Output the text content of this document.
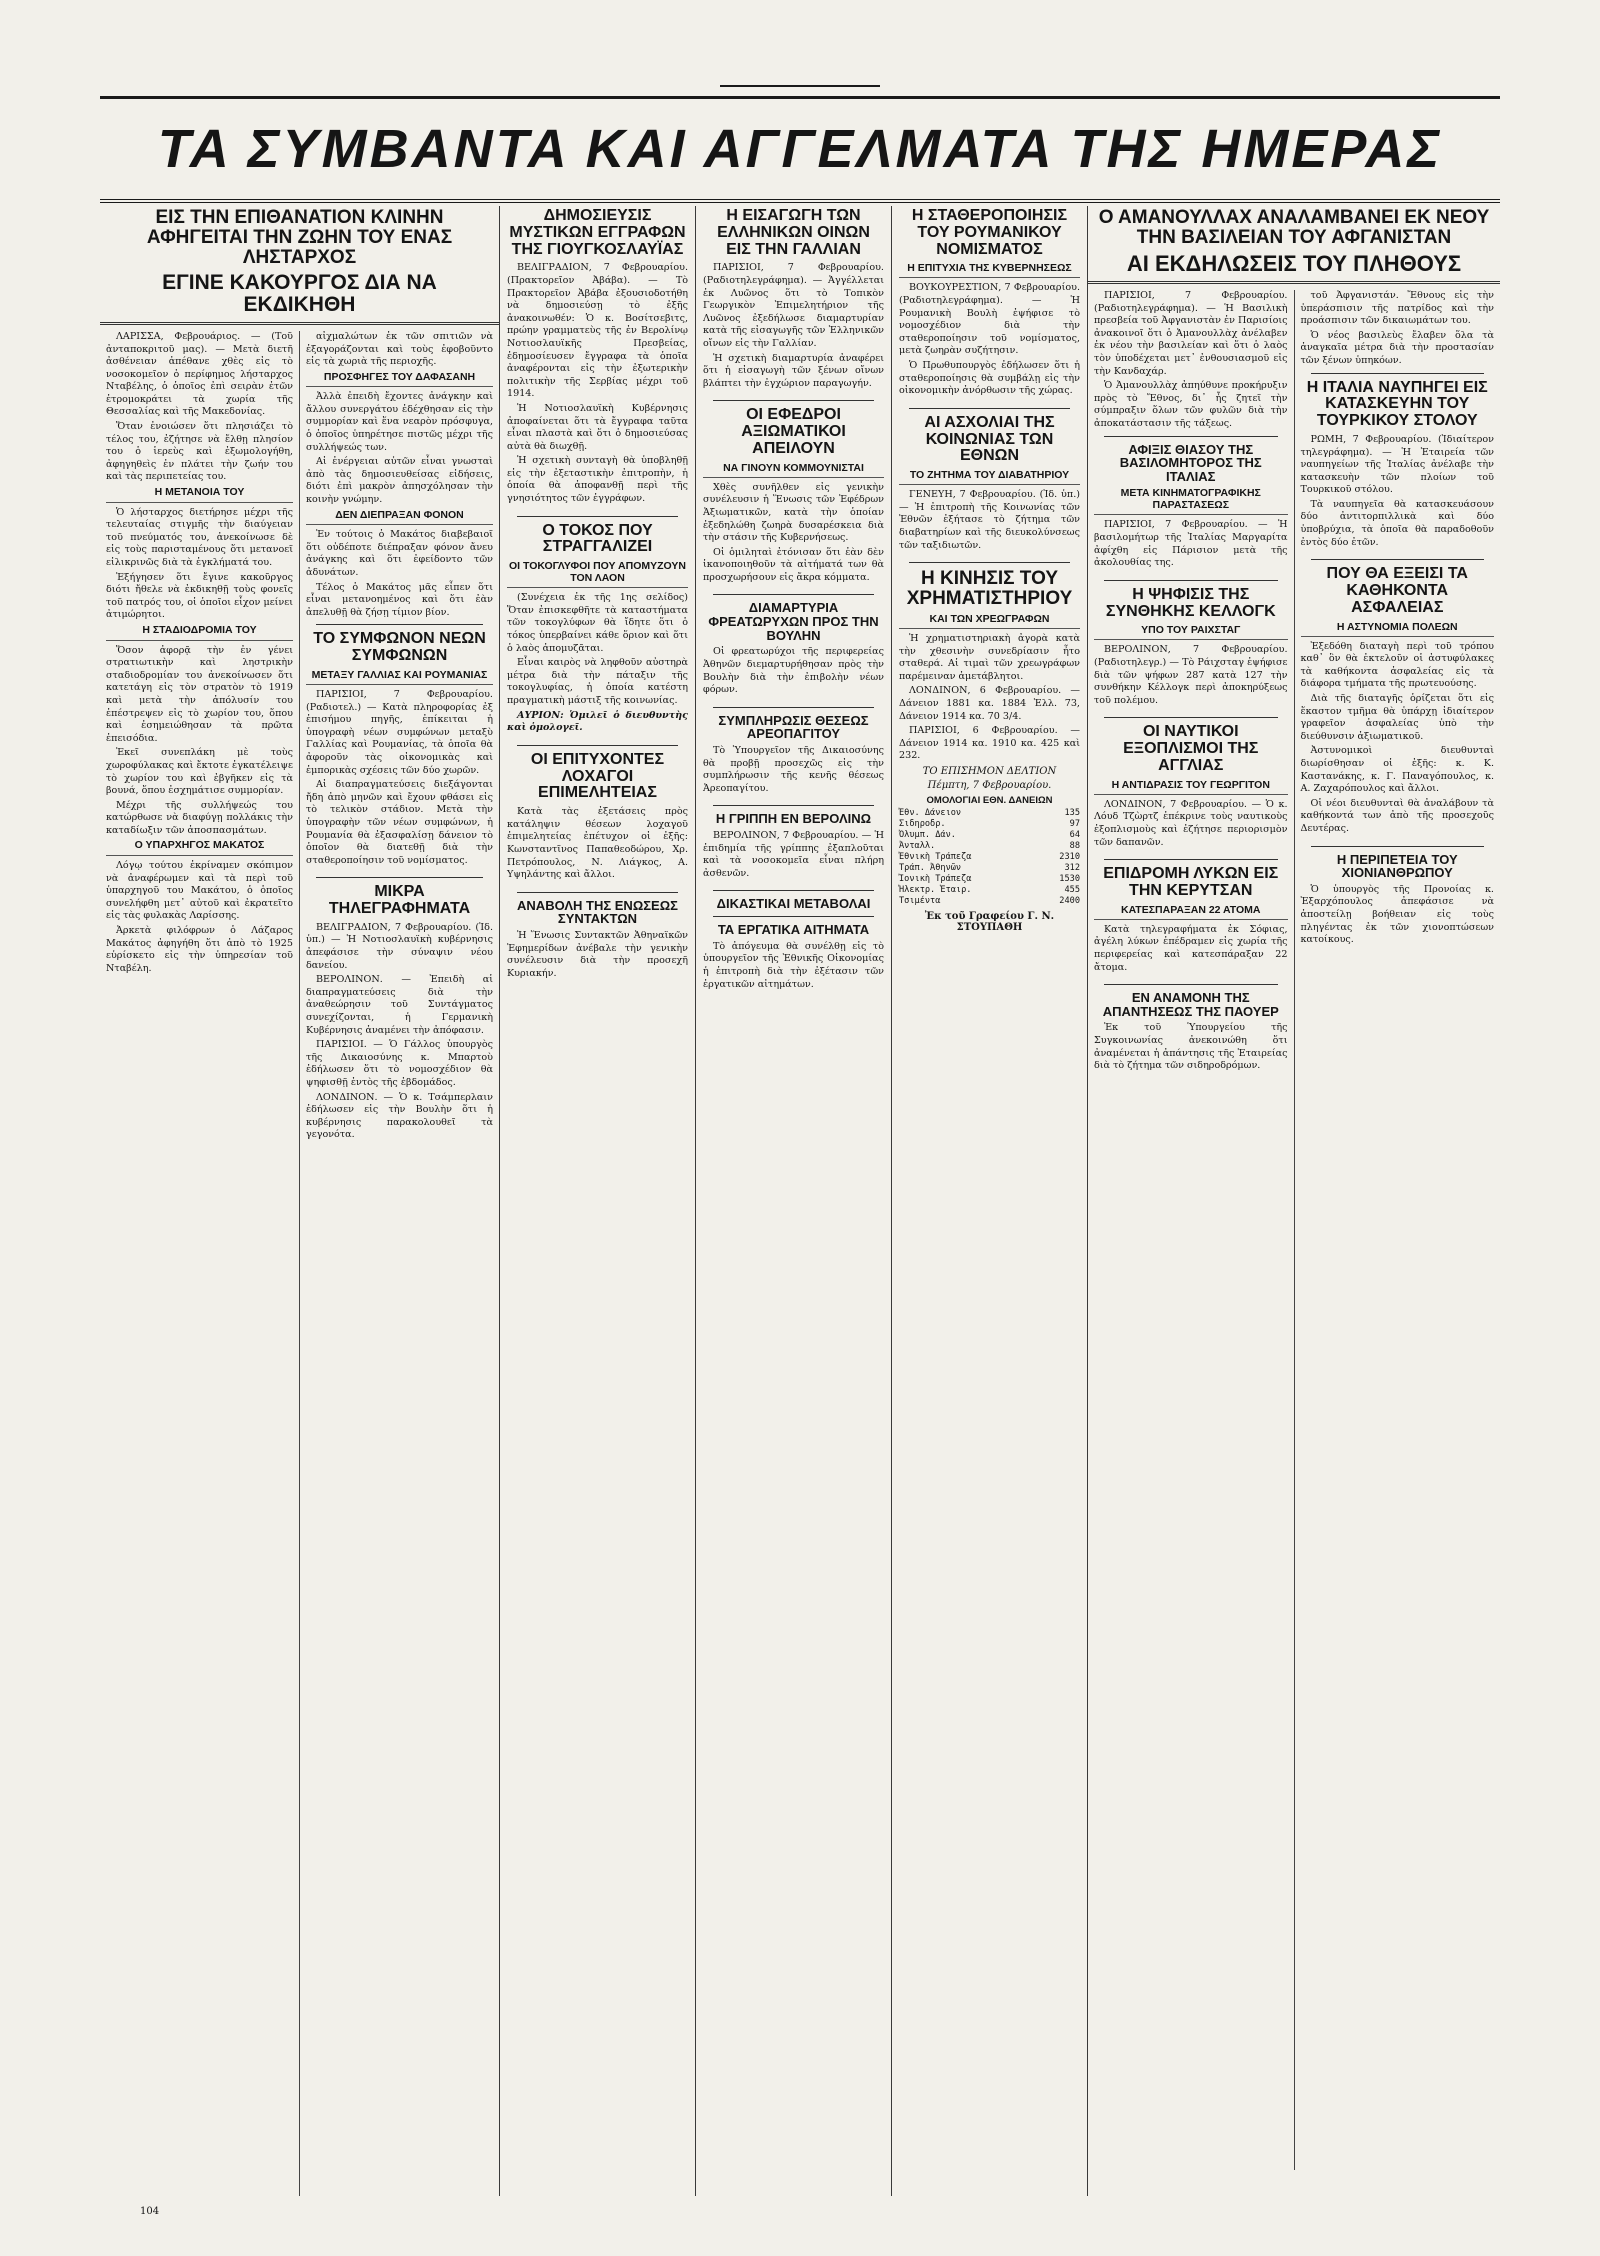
ΤΑ ΣΥΜΒΑΝΤΑ ΚΑΙ ΑΓΓΕΛΜΑΤΑ ΤΗΣ ΗΜΕΡΑΣ
ΕΙΣ ΤΗΝ ΕΠΙΘΑΝΑΤΙΟΝ ΚΛΙΝΗΝ ΑΦΗΓΕΙΤΑΙ ΤΗΝ ΖΩΗΝ ΤΟΥ ΕΝΑΣ ΛΗΣΤΑΡΧΟΣ
ΕΓΙΝΕ ΚΑΚΟΥΡΓΟΣ ΔΙΑ ΝΑ ΕΚΔΙΚΗΘΗ

ΛΑΡΙΣΣΑ, Φεβρουάριος. — (Τοῦ ἀνταποκριτοῦ μας). — Μετὰ διετῆ ἀσθένειαν ἀπέθανε χθὲς εἰς τὸ νοσοκομεῖον ὁ περίφημος λήσταρχος Νταβέλης, ὁ ὁποῖος ἐπὶ σειρὰν ἐτῶν ἐτρομοκράτει τὰ χωρία τῆς Θεσσαλίας καὶ τῆς Μακεδονίας.

Ὅταν ἐνοιώσεν ὅτι πλησιάζει τὸ τέλος του, ἐζήτησε νὰ ἔλθῃ πλησίον του ὁ ἱερεὺς καὶ ἐξωμολογήθη, ἀφηγηθεὶς ἐν πλάτει τὴν ζωήν του καὶ τὰς περιπετείας του.

Η ΜΕΤΑΝΟΙΑ ΤΟΥ

Ὁ λήσταρχος διετήρησε μέχρι τῆς τελευταίας στιγμῆς τὴν διαύγειαν τοῦ πνεύματός του, ἀνεκοίνωσε δὲ εἰς τοὺς παρισταμένους ὅτι μετανοεῖ εἰλικρινῶς διὰ τὰ ἐγκλήματά του.

Ἐξήγησεν ὅτι ἔγινε κακοῦργος διότι ἤθελε νὰ ἐκδικηθῇ τοὺς φονεῖς τοῦ πατρός του, οἱ ὁποῖοι εἶχον μείνει ἀτιμώρητοι.

Η ΣΤΑΔΙΟΔΡΟΜΙΑ ΤΟΥ

Ὅσον ἀφορᾷ τὴν ἐν γένει στρατιωτικὴν καὶ ληστρικὴν σταδιοδρομίαν του ἀνεκοίνωσεν ὅτι κατετάγη εἰς τὸν στρατὸν τὸ 1919 καὶ μετὰ τὴν ἀπόλυσίν του ἐπέστρεψεν εἰς τὸ χωρίον του, ὅπου καὶ ἐσημειώθησαν τὰ πρῶτα ἐπεισόδια.

Ἐκεῖ συνεπλάκη μὲ τοὺς χωροφύλακας καὶ ἔκτοτε ἐγκατέλειψε τὸ χωρίον του καὶ ἐβγῆκεν εἰς τὰ βουνά, ὅπου ἐσχημάτισε συμμορίαν.

Μέχρι τῆς συλλήψεώς του κατώρθωσε νὰ διαφύγῃ πολλάκις τὴν καταδίωξιν τῶν ἀποσπασμάτων.

Ο ΥΠΑΡΧΗΓΟΣ ΜΑΚΑΤΟΣ

Λόγῳ τούτου ἐκρίναμεν σκόπιμον νὰ ἀναφέρωμεν καὶ τὰ περὶ τοῦ ὑπαρχηγοῦ του Μακάτου, ὁ ὁποῖος συνελήφθη μετ᾽ αὐτοῦ καὶ ἐκρατεῖτο εἰς τὰς φυλακὰς Λαρίσσης.

Ἀρκετὰ φιλόφρων ὁ Λάζαρος Μακάτος ἀφηγήθη ὅτι ἀπὸ τὸ 1925 εὑρίσκετο εἰς τὴν ὑπηρεσίαν τοῦ Νταβέλη.

αἰχμαλώτων ἐκ τῶν σπιτιῶν νὰ ἐξαγοράζονται καὶ τοὺς ἐφοβοῦντο εἰς τὰ χωριὰ τῆς περιοχῆς.

ΠΡΟΣΦΗΓΕΣ ΤΟΥ ΔΑΦΑΣΑΝΗ

Ἀλλὰ ἐπειδὴ ἔχοντες ἀνάγκην καὶ ἄλλου συνεργάτου ἐδέχθησαν εἰς τὴν συμμορίαν καὶ ἕνα νεαρὸν πρόσφυγα, ὁ ὁποῖος ὑπηρέτησε πιστῶς μέχρι τῆς συλλήψεώς των.

Αἱ ἐνέργειαι αὐτῶν εἶναι γνωσταὶ ἀπὸ τὰς δημοσιευθείσας εἰδήσεις, διότι ἐπὶ μακρὸν ἀπησχόλησαν τὴν κοινὴν γνώμην.

ΔΕΝ ΔΙΕΠΡΑΞΑΝ ΦΟΝΟΝ

Ἐν τούτοις ὁ Μακάτος διαβεβαιοῖ ὅτι οὐδέποτε διέπραξαν φόνον ἄνευ ἀνάγκης καὶ ὅτι ἐφείδοντο τῶν ἀδυνάτων.

Τέλος ὁ Μακάτος μᾶς εἶπεν ὅτι εἶναι μετανοημένος καὶ ὅτι ἐὰν ἀπελυθῇ θὰ ζήσῃ τίμιον βίον.

ΤΟ ΣΥΜΦΩΝΟΝ ΝΕΩΝ ΣΥΜΦΩΝΩΝ
ΜΕΤΑΞΥ ΓΑΛΛΙΑΣ ΚΑΙ ΡΟΥΜΑΝΙΑΣ

ΠΑΡΙΣΙΟΙ, 7 Φεβρουαρίου. (Ραδιοτελ.) — Κατὰ πληροφορίας ἐξ ἐπισήμου πηγῆς, ἐπίκειται ἡ ὑπογραφὴ νέων συμφώνων μεταξὺ Γαλλίας καὶ Ρουμανίας, τὰ ὁποῖα θὰ ἀφοροῦν τὰς οἰκονομικὰς καὶ ἐμπορικὰς σχέσεις τῶν δύο χωρῶν.

Αἱ διαπραγματεύσεις διεξάγονται ἤδη ἀπὸ μηνῶν καὶ ἔχουν φθάσει εἰς τὸ τελικὸν στάδιον. Μετὰ τὴν ὑπογραφὴν τῶν νέων συμφώνων, ἡ Ρουμανία θὰ ἐξασφαλίσῃ δάνειον τὸ ὁποῖον θὰ διατεθῇ διὰ τὴν σταθεροποίησιν τοῦ νομίσματος.

ΜΙΚΡΑ ΤΗΛΕΓΡΑΦΗΜΑΤΑ

ΒΕΛΙΓΡΑΔΙΟΝ, 7 Φεβρουαρίου. (Ἰδ. ὑπ.) — Ἡ Νοτιοσλαυϊκὴ κυβέρνησις ἀπεφάσισε τὴν σύναψιν νέου δανείου.

ΒΕΡΟΛΙΝΟΝ. — Ἐπειδὴ αἱ διαπραγματεύσεις διὰ τὴν ἀναθεώρησιν τοῦ Συντάγματος συνεχίζονται, ἡ Γερμανικὴ Κυβέρνησις ἀναμένει τὴν ἀπόφασιν.

ΠΑΡΙΣΙΟΙ. — Ὁ Γάλλος ὑπουργὸς τῆς Δικαιοσύνης κ. Μπαρτοὺ ἐδήλωσεν ὅτι τὸ νομοσχέδιον θὰ ψηφισθῇ ἐντὸς τῆς ἑβδομάδος.

ΛΟΝΔΙΝΟΝ. — Ὁ κ. Τσάμπερλαιν ἐδήλωσεν εἰς τὴν Βουλὴν ὅτι ἡ κυβέρνησις παρακολουθεῖ τὰ γεγονότα.

ΔΗΜΟΣΙΕΥΣΙΣ ΜΥΣΤΙΚΩΝ ΕΓΓΡΑΦΩΝ ΤΗΣ ΓΙΟΥΓΚΟΣΛΑΥΪΑΣ

ΒΕΛΙΓΡΑΔΙΟΝ, 7 Φεβρουαρίου. (Πρακτορεῖον Ἀβάβα). — Τὸ Πρακτορεῖον Ἀβάβα ἐξουσιοδοτήθη νὰ δημοσιεύσῃ τὸ ἐξῆς ἀνακοινωθέν: Ὁ κ. Βοσίτσεβιτς, πρώην γραμματεὺς τῆς ἐν Βερολίνῳ Νοτιοσλαυϊκῆς Πρεσβείας, ἐδημοσίευσεν ἔγγραφα τὰ ὁποῖα ἀναφέρονται εἰς τὴν ἐξωτερικὴν πολιτικὴν τῆς Σερβίας μέχρι τοῦ 1914.

Ἡ Νοτιοσλαυϊκὴ Κυβέρνησις ἀποφαίνεται ὅτι τὰ ἔγγραφα ταῦτα εἶναι πλαστὰ καὶ ὅτι ὁ δημοσιεύσας αὐτὰ θὰ διωχθῇ.

Ἡ σχετικὴ συνταγὴ θὰ ὑποβληθῇ εἰς τὴν ἐξεταστικὴν ἐπιτροπὴν, ἡ ὁποία θὰ ἀποφανθῇ περὶ τῆς γνησιότητος τῶν ἐγγράφων.

Ο ΤΟΚΟΣ ΠΟΥ ΣΤΡΑΓΓΑΛΙΖΕΙ
ΟΙ ΤΟΚΟΓΛΥΦΟΙ ΠΟΥ ΑΠΟΜΥΖΟΥΝ ΤΟΝ ΛΑΟΝ

(Συνέχεια ἐκ τῆς 1ης σελίδος) Ὅταν ἐπισκεφθῆτε τὰ καταστήματα τῶν τοκογλύφων θὰ ἴδητε ὅτι ὁ τόκος ὑπερβαίνει κάθε ὅριον καὶ ὅτι ὁ λαὸς ἀπομυζᾶται.

Εἶναι καιρὸς νὰ ληφθοῦν αὐστηρὰ μέτρα διὰ τὴν πάταξιν τῆς τοκογλυφίας, ἡ ὁποία κατέστη πραγματικὴ μάστιξ τῆς κοινωνίας.

ΑΥΡΙΟΝ: Ὁμιλεῖ ὁ διευθυντὴς καὶ ὁμολογεῖ.

ΟΙ ΕΠΙΤΥΧΟΝΤΕΣ ΛΟΧΑΓΟΙ ΕΠΙΜΕΛΗΤΕΙΑΣ

Κατὰ τὰς ἐξετάσεις πρὸς κατάληψιν θέσεων λοχαγοῦ ἐπιμελητείας ἐπέτυχον οἱ ἐξῆς: Κωνσταντῖνος Παπαθεοδώρου, Χρ. Πετρόπουλος, Ν. Λιάγκος, Α. Υψηλάντης καὶ ἄλλοι.

ΑΝΑΒΟΛΗ ΤΗΣ ΕΝΩΣΕΩΣ ΣΥΝΤΑΚΤΩΝ

Ἡ Ἕνωσις Συντακτῶν Ἀθηναϊκῶν Ἐφημερίδων ἀνέβαλε τὴν γενικὴν συνέλευσιν διὰ τὴν προσεχῆ Κυριακήν.

Η ΕΙΣΑΓΩΓΗ ΤΩΝ ΕΛΛΗΝΙΚΩΝ ΟΙΝΩΝ ΕΙΣ ΤΗΝ ΓΑΛΛΙΑΝ

ΠΑΡΙΣΙΟΙ, 7 Φεβρουαρίου. (Ραδιοτηλεγράφημα). — Ἀγγέλλεται ἐκ Λυῶνος ὅτι τὸ Τοπικὸν Γεωργικὸν Ἐπιμελητήριον τῆς Λυῶνος ἐξεδήλωσε διαμαρτυρίαν κατὰ τῆς εἰσαγωγῆς τῶν Ἑλληνικῶν οἴνων εἰς τὴν Γαλλίαν.

Ἡ σχετικὴ διαμαρτυρία ἀναφέρει ὅτι ἡ εἰσαγωγὴ τῶν ξένων οἴνων βλάπτει τὴν ἐγχώριον παραγωγήν.

ΟΙ ΕΦΕΔΡΟΙ ΑΞΙΩΜΑΤΙΚΟΙ ΑΠΕΙΛΟΥΝ
ΝΑ ΓΙΝΟΥΝ ΚΟΜΜΟΥΝΙΣΤΑΙ

Χθὲς συνῆλθεν εἰς γενικὴν συνέλευσιν ἡ Ἕνωσις τῶν Ἐφέδρων Ἀξιωματικῶν, κατὰ τὴν ὁποίαν ἐξεδηλώθη ζωηρὰ δυσαρέσκεια διὰ τὴν στάσιν τῆς Κυβερνήσεως.

Οἱ ὁμιληταὶ ἐτόνισαν ὅτι ἐὰν δὲν ἱκανοποιηθοῦν τὰ αἰτήματά των θὰ προσχωρήσουν εἰς ἄκρα κόμματα.

ΔΙΑΜΑΡΤΥΡΙΑ ΦΡΕΑΤΩΡΥΧΩΝ ΠΡΟΣ ΤΗΝ ΒΟΥΛΗΝ

Οἱ φρεατωρύχοι τῆς περιφερείας Ἀθηνῶν διεμαρτυρήθησαν πρὸς τὴν Βουλὴν διὰ τὴν ἐπιβολὴν νέων φόρων.

ΣΥΜΠΛΗΡΩΣΙΣ ΘΕΣΕΩΣ ΑΡΕΟΠΑΓΙΤΟΥ

Τὸ Ὑπουργεῖον τῆς Δικαιοσύνης θὰ προβῇ προσεχῶς εἰς τὴν συμπλήρωσιν τῆς κενῆς θέσεως Ἀρεοπαγίτου.

Η ΓΡΙΠΠΗ ΕΝ ΒΕΡΟΛΙΝΩ

ΒΕΡΟΛΙΝΟΝ, 7 Φεβρουαρίου. — Ἡ ἐπιδημία τῆς γρίππης ἐξαπλοῦται καὶ τὰ νοσοκομεῖα εἶναι πλήρη ἀσθενῶν.

ΔΙΚΑΣΤΙΚΑΙ ΜΕΤΑΒΟΛΑΙ
ΤΑ ΕΡΓΑΤΙΚΑ ΑΙΤΗΜΑΤΑ

Τὸ ἀπόγευμα θὰ συνέλθῃ εἰς τὸ ὑπουργεῖον τῆς Ἐθνικῆς Οἰκονομίας ἡ ἐπιτροπὴ διὰ τὴν ἐξέτασιν τῶν ἐργατικῶν αἰτημάτων.

Η ΣΤΑΘΕΡΟΠΟΙΗΣΙΣ ΤΟΥ ΡΟΥΜΑΝΙΚΟΥ ΝΟΜΙΣΜΑΤΟΣ
Η ΕΠΙΤΥΧΙΑ ΤΗΣ ΚΥΒΕΡΝΗΣΕΩΣ

ΒΟΥΚΟΥΡΕΣΤΙΟΝ, 7 Φεβρουαρίου. (Ραδιοτηλεγράφημα). — Ἡ Ρουμανικὴ Βουλὴ ἐψήφισε τὸ νομοσχέδιον διὰ τὴν σταθεροποίησιν τοῦ νομίσματος, μετὰ ζωηρὰν συζήτησιν.

Ὁ Πρωθυπουργὸς ἐδήλωσεν ὅτι ἡ σταθεροποίησις θὰ συμβάλῃ εἰς τὴν οἰκονομικὴν ἀνόρθωσιν τῆς χώρας.

ΑΙ ΑΣΧΟΛΙΑΙ ΤΗΣ ΚΟΙΝΩΝΙΑΣ ΤΩΝ ΕΘΝΩΝ
ΤΟ ΖΗΤΗΜΑ ΤΟΥ ΔΙΑΒΑΤΗΡΙΟΥ

ΓΕΝΕΥΗ, 7 Φεβρουαρίου. (Ἰδ. ὑπ.) — Ἡ ἐπιτροπὴ τῆς Κοινωνίας τῶν Ἐθνῶν ἐξήτασε τὸ ζήτημα τῶν διαβατηρίων καὶ τῆς διευκολύνσεως τῶν ταξιδιωτῶν.

Η ΚΙΝΗΣΙΣ ΤΟΥ ΧΡΗΜΑΤΙΣΤΗΡΙΟΥ
ΚΑΙ ΤΩΝ ΧΡΕΩΓΡΑΦΩΝ

Ἡ χρηματιστηριακὴ ἀγορὰ κατὰ τὴν χθεσινὴν συνεδρίασιν ἦτο σταθερά. Αἱ τιμαὶ τῶν χρεωγράφων παρέμειναν ἀμετάβλητοι.

ΛΟΝΔΙΝΟΝ, 6 Φεβρουαρίου. — Δάνειον 1881 κα. 1884 Ἑλλ. 73, Δάνειον 1914 κα. 70 3/4.

ΠΑΡΙΣΙΟΙ, 6 Φεβρουαρίου. — Δάνειον 1914 κα. 1910 κα. 425 καὶ 232.

ΤΟ ΕΠΙΣΗΜΟΝ ΔΕΛΤΙΟΝ
Πέμπτη, 7 Φεβρουαρίου.
ΟΜΟΛΟΓΙΑΙ ΕΘΝ. ΔΑΝΕΙΩΝ
Ἐθν. Δάνειον	135
Σιδηροδρ.	97
Ὀλυμπ. Δάν.	64
Ἀνταλλ.	88
Ἐθνικὴ Τράπεζα	2310
Τράπ. Ἀθηνῶν	312
Ἰονικὴ Τράπεζα	1530
Ἠλεκτρ. Ἑταιρ.	455
Τσιμέντα	2400
Ἐκ τοῦ Γραφείου Γ. Ν. ΣΤΟΥΠΑΘΗ
Ο ΑΜΑΝΟΥΛΛΑΧ ΑΝΑΛΑΜΒΑΝΕΙ ΕΚ ΝΕΟΥ ΤΗΝ ΒΑΣΙΛΕΙΑΝ ΤΟΥ ΑΦΓΑΝΙΣΤΑΝ
ΑΙ ΕΚΔΗΛΩΣΕΙΣ ΤΟΥ ΠΛΗΘΟΥΣ

ΠΑΡΙΣΙΟΙ, 7 Φεβρουαρίου. (Ραδιοτηλεγράφημα). — Ἡ Βασιλικὴ πρεσβεία τοῦ Ἀφγανιστὰν ἐν Παρισίοις ἀνακοινοῖ ὅτι ὁ Ἀμανουλλὰχ ἀνέλαβεν ἐκ νέου τὴν βασιλείαν καὶ ὅτι ὁ λαὸς τὸν ὑποδέχεται μετ᾽ ἐνθουσιασμοῦ εἰς τὴν Κανδαχάρ.

Ὁ Ἀμανουλλὰχ ἀπηύθυνε προκήρυξιν πρὸς τὸ Ἔθνος, δι᾽ ἧς ζητεῖ τὴν σύμπραξιν ὅλων τῶν φυλῶν διὰ τὴν ἀποκατάστασιν τῆς τάξεως.

ΑΦΙΞΙΣ ΘΙΑΣΟΥ ΤΗΣ ΒΑΣΙΛΟΜΗΤΟΡΟΣ ΤΗΣ ΙΤΑΛΙΑΣ
ΜΕΤΑ ΚΙΝΗΜΑΤΟΓΡΑΦΙΚΗΣ ΠΑΡΑΣΤΑΣΕΩΣ

ΠΑΡΙΣΙΟΙ, 7 Φεβρουαρίου. — Ἡ βασιλομήτωρ τῆς Ἰταλίας Μαργαρίτα ἀφίχθη εἰς Πάρισιον μετὰ τῆς ἀκολουθίας της.

Η ΨΗΦΙΣΙΣ ΤΗΣ ΣΥΝΘΗΚΗΣ ΚΕΛΛΟΓΚ
ΥΠΟ ΤΟΥ ΡΑΙΧΣΤΑΓ

ΒΕΡΟΛΙΝΟΝ, 7 Φεβρουαρίου. (Ραδιοτηλεγρ.) — Τὸ Ράιχσταγ ἐψήφισε διὰ τῶν ψήφων 287 κατὰ 127 τὴν συνθήκην Κέλλογκ περὶ ἀποκηρύξεως τοῦ πολέμου.

ΟΙ ΝΑΥΤΙΚΟΙ ΕΞΟΠΛΙΣΜΟΙ ΤΗΣ ΑΓΓΛΙΑΣ
Η ΑΝΤΙΔΡΑΣΙΣ ΤΟΥ ΓΕΩΡΓΙΤΟΝ

ΛΟΝΔΙΝΟΝ, 7 Φεβρουαρίου. — Ὁ κ. Λόυδ Τζὼρτζ ἐπέκρινε τοὺς ναυτικοὺς ἐξοπλισμοὺς καὶ ἐζήτησε περιορισμὸν τῶν δαπανῶν.

ΕΠΙΔΡΟΜΗ ΛΥΚΩΝ ΕΙΣ ΤΗΝ ΚΕΡΥΤΣΑΝ
ΚΑΤΕΣΠΑΡΑΞΑΝ 22 ΑΤΟΜΑ

Κατὰ τηλεγραφήματα ἐκ Σόφιας, ἀγέλη λύκων ἐπέδραμεν εἰς χωρία τῆς περιφερείας καὶ κατεσπάραξαν 22 ἄτομα.

ΕΝ ΑΝΑΜΟΝΗ ΤΗΣ ΑΠΑΝΤΗΣΕΩΣ ΤΗΣ ΠΑΟΥΕΡ

Ἐκ τοῦ Ὑπουργείου τῆς Συγκοινωνίας ἀνεκοινώθη ὅτι ἀναμένεται ἡ ἀπάντησις τῆς Ἑταιρείας διὰ τὸ ζήτημα τῶν σιδηροδρόμων.

τοῦ Ἀφγανιστάν. Ἔθνους εἰς τὴν ὑπεράσπισιν τῆς πατρίδος καὶ τὴν προάσπισιν τῶν δικαιωμάτων του.

Ὁ νέος βασιλεὺς ἔλαβεν ὅλα τὰ ἀναγκαῖα μέτρα διὰ τὴν προστασίαν τῶν ξένων ὑπηκόων.

Η ΙΤΑΛΙΑ ΝΑΥΠΗΓΕΙ ΕΙΣ ΚΑΤΑΣΚΕΥΗΝ ΤΟΥ ΤΟΥΡΚΙΚΟΥ ΣΤΟΛΟΥ

ΡΩΜΗ, 7 Φεβρουαρίου. (Ἰδιαίτερον τηλεγράφημα). — Ἡ Ἑταιρεία τῶν ναυπηγείων τῆς Ἰταλίας ἀνέλαβε τὴν κατασκευὴν τῶν πλοίων τοῦ Τουρκικοῦ στόλου.

Τὰ ναυπηγεῖα θὰ κατασκευάσουν δύο ἀντιτορπιλλικὰ καὶ δύο ὑποβρύχια, τὰ ὁποῖα θὰ παραδοθοῦν ἐντὸς δύο ἐτῶν.

ΠΟΥ ΘΑ ΕΞΕΙΣΙ ΤΑ ΚΑΘΗΚΟΝΤΑ ΑΣΦΑΛΕΙΑΣ
Η ΑΣΤΥΝΟΜΙΑ ΠΟΛΕΩΝ

Ἐξεδόθη διαταγὴ περὶ τοῦ τρόπου καθ᾽ ὃν θὰ ἐκτελοῦν οἱ ἀστυφύλακες τὰ καθήκοντα ἀσφαλείας εἰς τὰ διάφορα τμήματα τῆς πρωτευούσης.

Διὰ τῆς διαταγῆς ὁρίζεται ὅτι εἰς ἕκαστον τμῆμα θὰ ὑπάρχῃ ἰδιαίτερον γραφεῖον ἀσφαλείας ὑπὸ τὴν διεύθυνσιν ἀξιωματικοῦ.

Ἀστυνομικοὶ διευθυνταὶ διωρίσθησαν οἱ ἑξῆς: κ. Κ. Καστανάκης, κ. Γ. Παναγόπουλος, κ. Α. Ζαχαρόπουλος καὶ ἄλλοι.

Οἱ νέοι διευθυνταὶ θὰ ἀναλάβουν τὰ καθήκοντά των ἀπὸ τῆς προσεχοῦς Δευτέρας.

Η ΠΕΡΙΠΕΤΕΙΑ ΤΟΥ ΧΙΟΝΙΑΝΘΡΩΠΟΥ

Ὁ ὑπουργὸς τῆς Προνοίας κ. Ἐξαρχόπουλος ἀπεφάσισε νὰ ἀποστείλῃ βοήθειαν εἰς τοὺς πληγέντας ἐκ τῶν χιονοπτώσεων κατοίκους.

104
